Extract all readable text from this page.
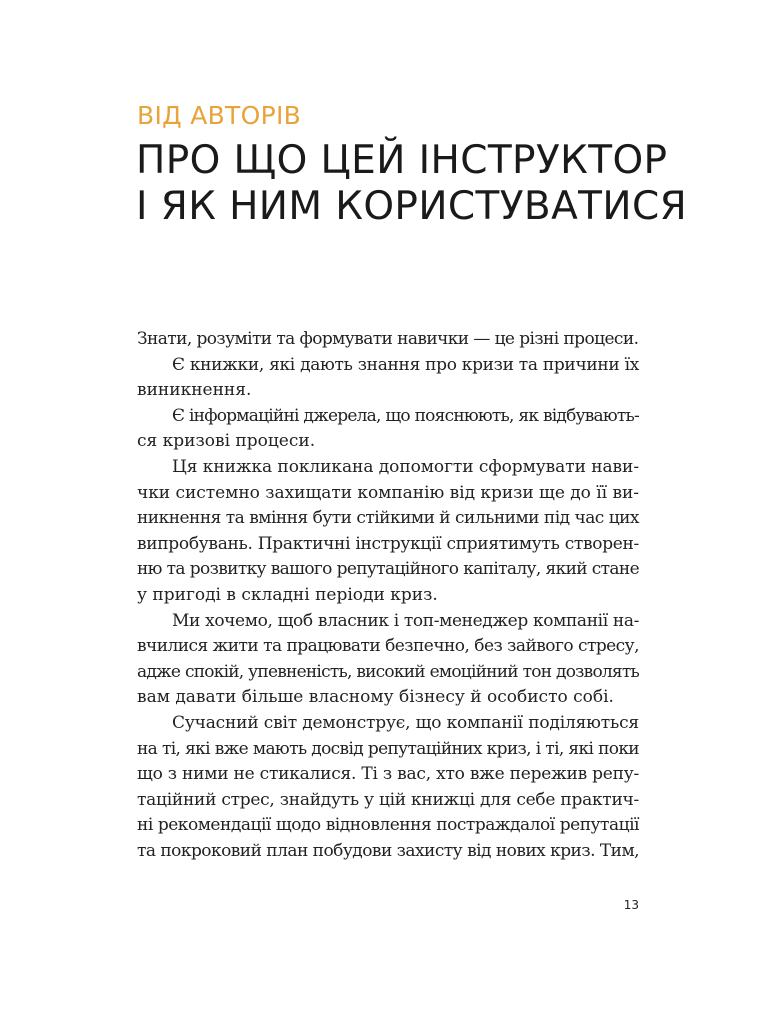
ВІД АВТОРІВ
ПРО ЩО ЦЕЙ ІНСТРУКТОР
І ЯК НИМ КОРИСТУВАТИСЯ
Знати, розуміти та формувати навички — це різні процеси.
Є книжки, які дають знання про кризи та причини їх
виникнення.
Є інформаційні джерела, що пояснюють, як відбувають-
ся кризові процеси.
Ця книжка покликана допомогти сформувати нави-
чки системно захищати компанію від кризи ще до її ви-
никнення та вміння бути стійкими й сильними під час цих
випробувань. Практичні інструкції сприятимуть створен-
ню та розвитку вашого репутаційного капіталу, який стане
у пригоді в складні періоди криз.
Ми хочемо, щоб власник і топ-менеджер компанії на-
вчилися жити та працювати безпечно, без зайвого стресу,
адже спокій, упевненість, високий емоційний тон дозволять
вам давати більше власному бізнесу й особисто собі.
Сучасний світ демонструє, що компанії поділяються
на ті, які вже мають досвід репутаційних криз, і ті, які поки
що з ними не стикалися. Ті з вас, хто вже пережив репу-
таційний стрес, знайдуть у цій книжці для себе практич-
ні рекомендації щодо відновлення постраждалої репутації
та покроковий план побудови захисту від нових криз. Тим,
13
